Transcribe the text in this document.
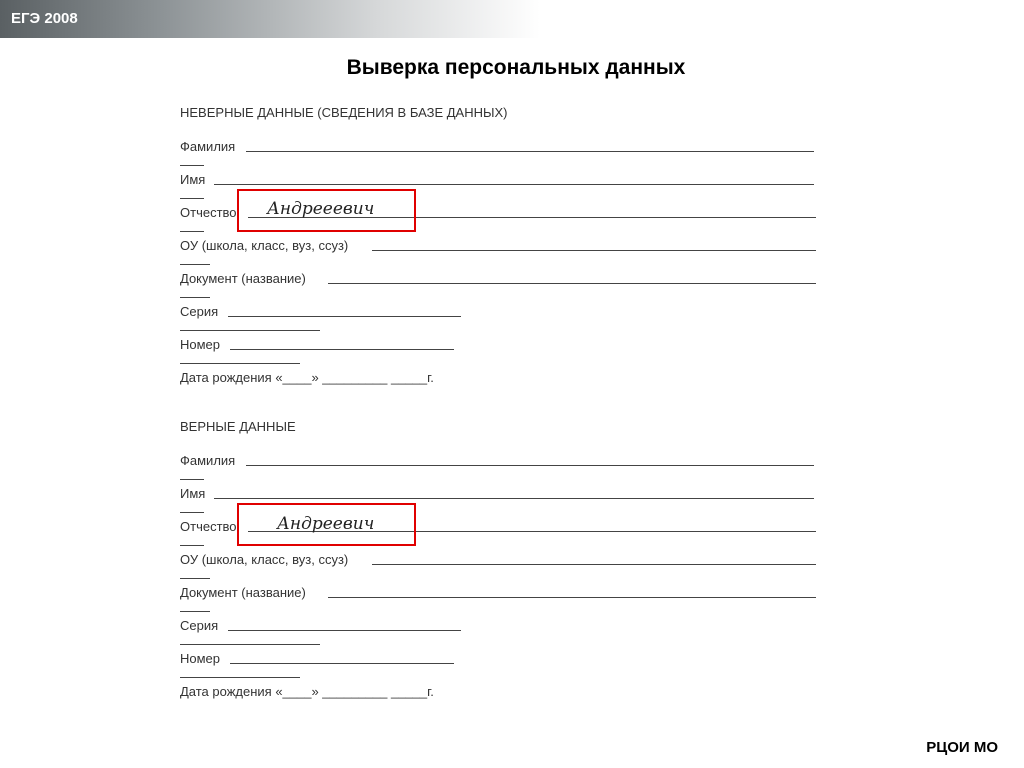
ЕГЭ 2008
Выверка персональных данных
НЕВЕРНЫЕ ДАННЫЕ (СВЕДЕНИЯ В БАЗЕ ДАННЫХ)
Фамилия
Имя
Отчество
ОУ (школа, класс, вуз, ссуз)
Документ (название)
Серия
Номер
Дата рождения «____» _________ _____г.
ВЕРНЫЕ ДАННЫЕ
Фамилия
Имя
Отчество
ОУ (школа, класс, вуз, ссуз)
Документ (название)
Серия
Номер
Дата рождения «____» _________ _____г.
Андрееевич
Андреевич
РЦОИ МО
